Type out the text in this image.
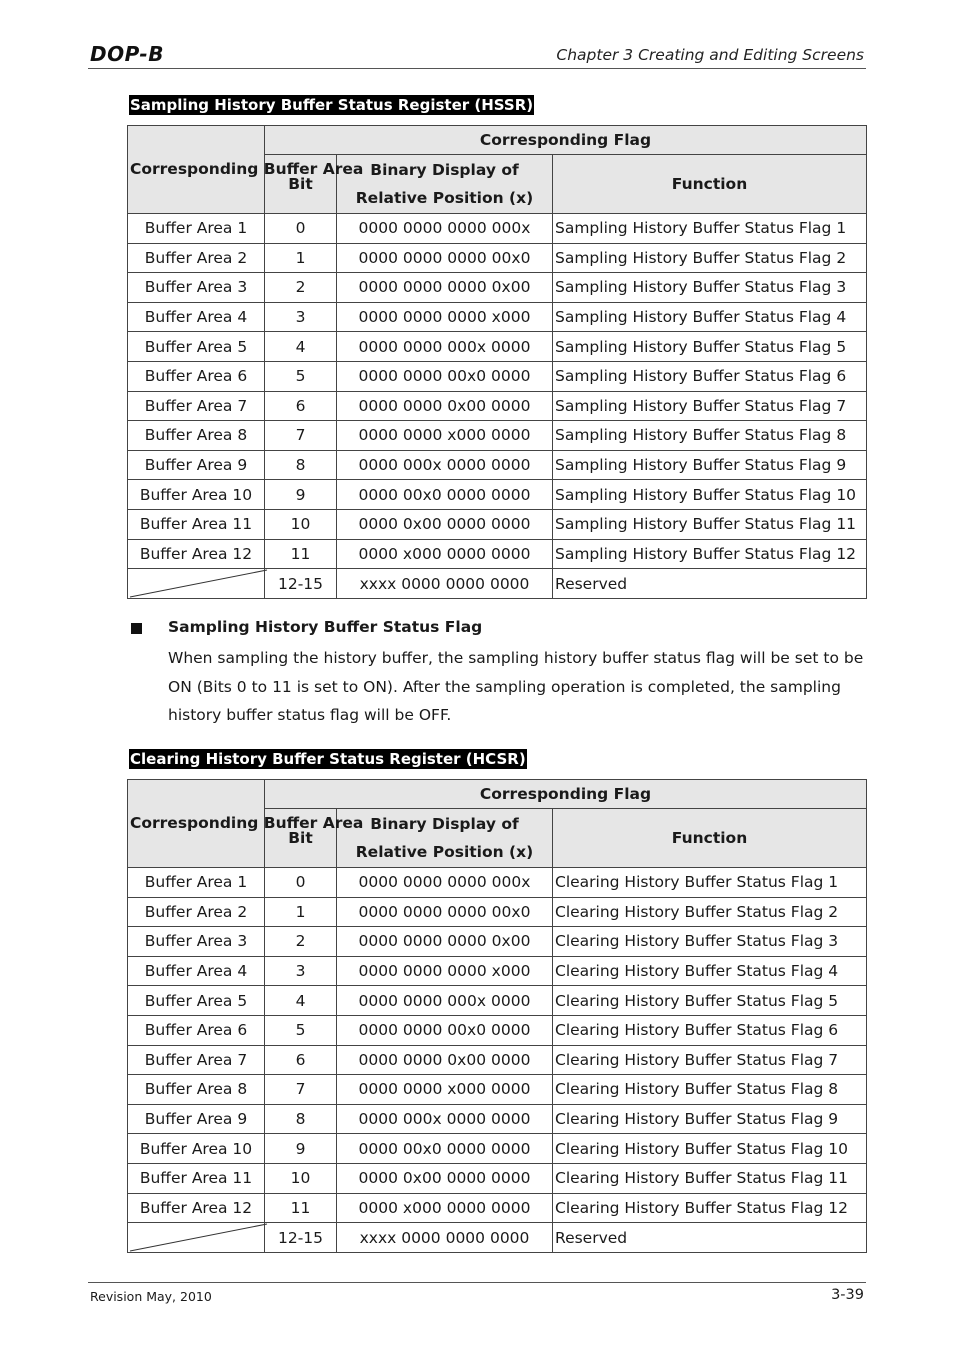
DOP-B	Chapter 3 Creating and Editing Screens
Sampling History Buffer Status Register (HSSR)
Corresponding Buffer Area	Corresponding Flag		
	Bit	Binary Display of
Relative Position (x)	Function
Buffer Area 1	0	0000 0000 0000 000x	Sampling History Buffer Status Flag 1
Buffer Area 2	1	0000 0000 0000 00x0	Sampling History Buffer Status Flag 2
Buffer Area 3	2	0000 0000 0000 0x00	Sampling History Buffer Status Flag 3
Buffer Area 4	3	0000 0000 0000 x000	Sampling History Buffer Status Flag 4
Buffer Area 5	4	0000 0000 000x 0000	Sampling History Buffer Status Flag 5
Buffer Area 6	5	0000 0000 00x0 0000	Sampling History Buffer Status Flag 6
Buffer Area 7	6	0000 0000 0x00 0000	Sampling History Buffer Status Flag 7
Buffer Area 8	7	0000 0000 x000 0000	Sampling History Buffer Status Flag 8
Buffer Area 9	8	0000 000x 0000 0000	Sampling History Buffer Status Flag 9
Buffer Area 10	9	0000 00x0 0000 0000	Sampling History Buffer Status Flag 10
Buffer Area 11	10	0000 0x00 0000 0000	Sampling History Buffer Status Flag 11
Buffer Area 12	11	0000 x000 0000 0000	Sampling History Buffer Status Flag 12

	12-15	xxxx 0000 0000 0000	Reserved
Sampling History Buffer Status Flag
When sampling the history buffer, the sampling history buffer status flag will be set to be ON (Bits 0 to 11 is set to ON). After the sampling operation is completed, the sampling history buffer status flag will be OFF.
Clearing History Buffer Status Register (HCSR)
Corresponding Buffer Area	Corresponding Flag		
	Bit	Binary Display of
Relative Position (x)	Function
Buffer Area 1	0	0000 0000 0000 000x	Clearing History Buffer Status Flag 1
Buffer Area 2	1	0000 0000 0000 00x0	Clearing History Buffer Status Flag 2
Buffer Area 3	2	0000 0000 0000 0x00	Clearing History Buffer Status Flag 3
Buffer Area 4	3	0000 0000 0000 x000	Clearing History Buffer Status Flag 4
Buffer Area 5	4	0000 0000 000x 0000	Clearing History Buffer Status Flag 5
Buffer Area 6	5	0000 0000 00x0 0000	Clearing History Buffer Status Flag 6
Buffer Area 7	6	0000 0000 0x00 0000	Clearing History Buffer Status Flag 7
Buffer Area 8	7	0000 0000 x000 0000	Clearing History Buffer Status Flag 8
Buffer Area 9	8	0000 000x 0000 0000	Clearing History Buffer Status Flag 9
Buffer Area 10	9	0000 00x0 0000 0000	Clearing History Buffer Status Flag 10
Buffer Area 11	10	0000 0x00 0000 0000	Clearing History Buffer Status Flag 11
Buffer Area 12	11	0000 x000 0000 0000	Clearing History Buffer Status Flag 12

	12-15	xxxx 0000 0000 0000	Reserved
Revision May, 2010	3-39
